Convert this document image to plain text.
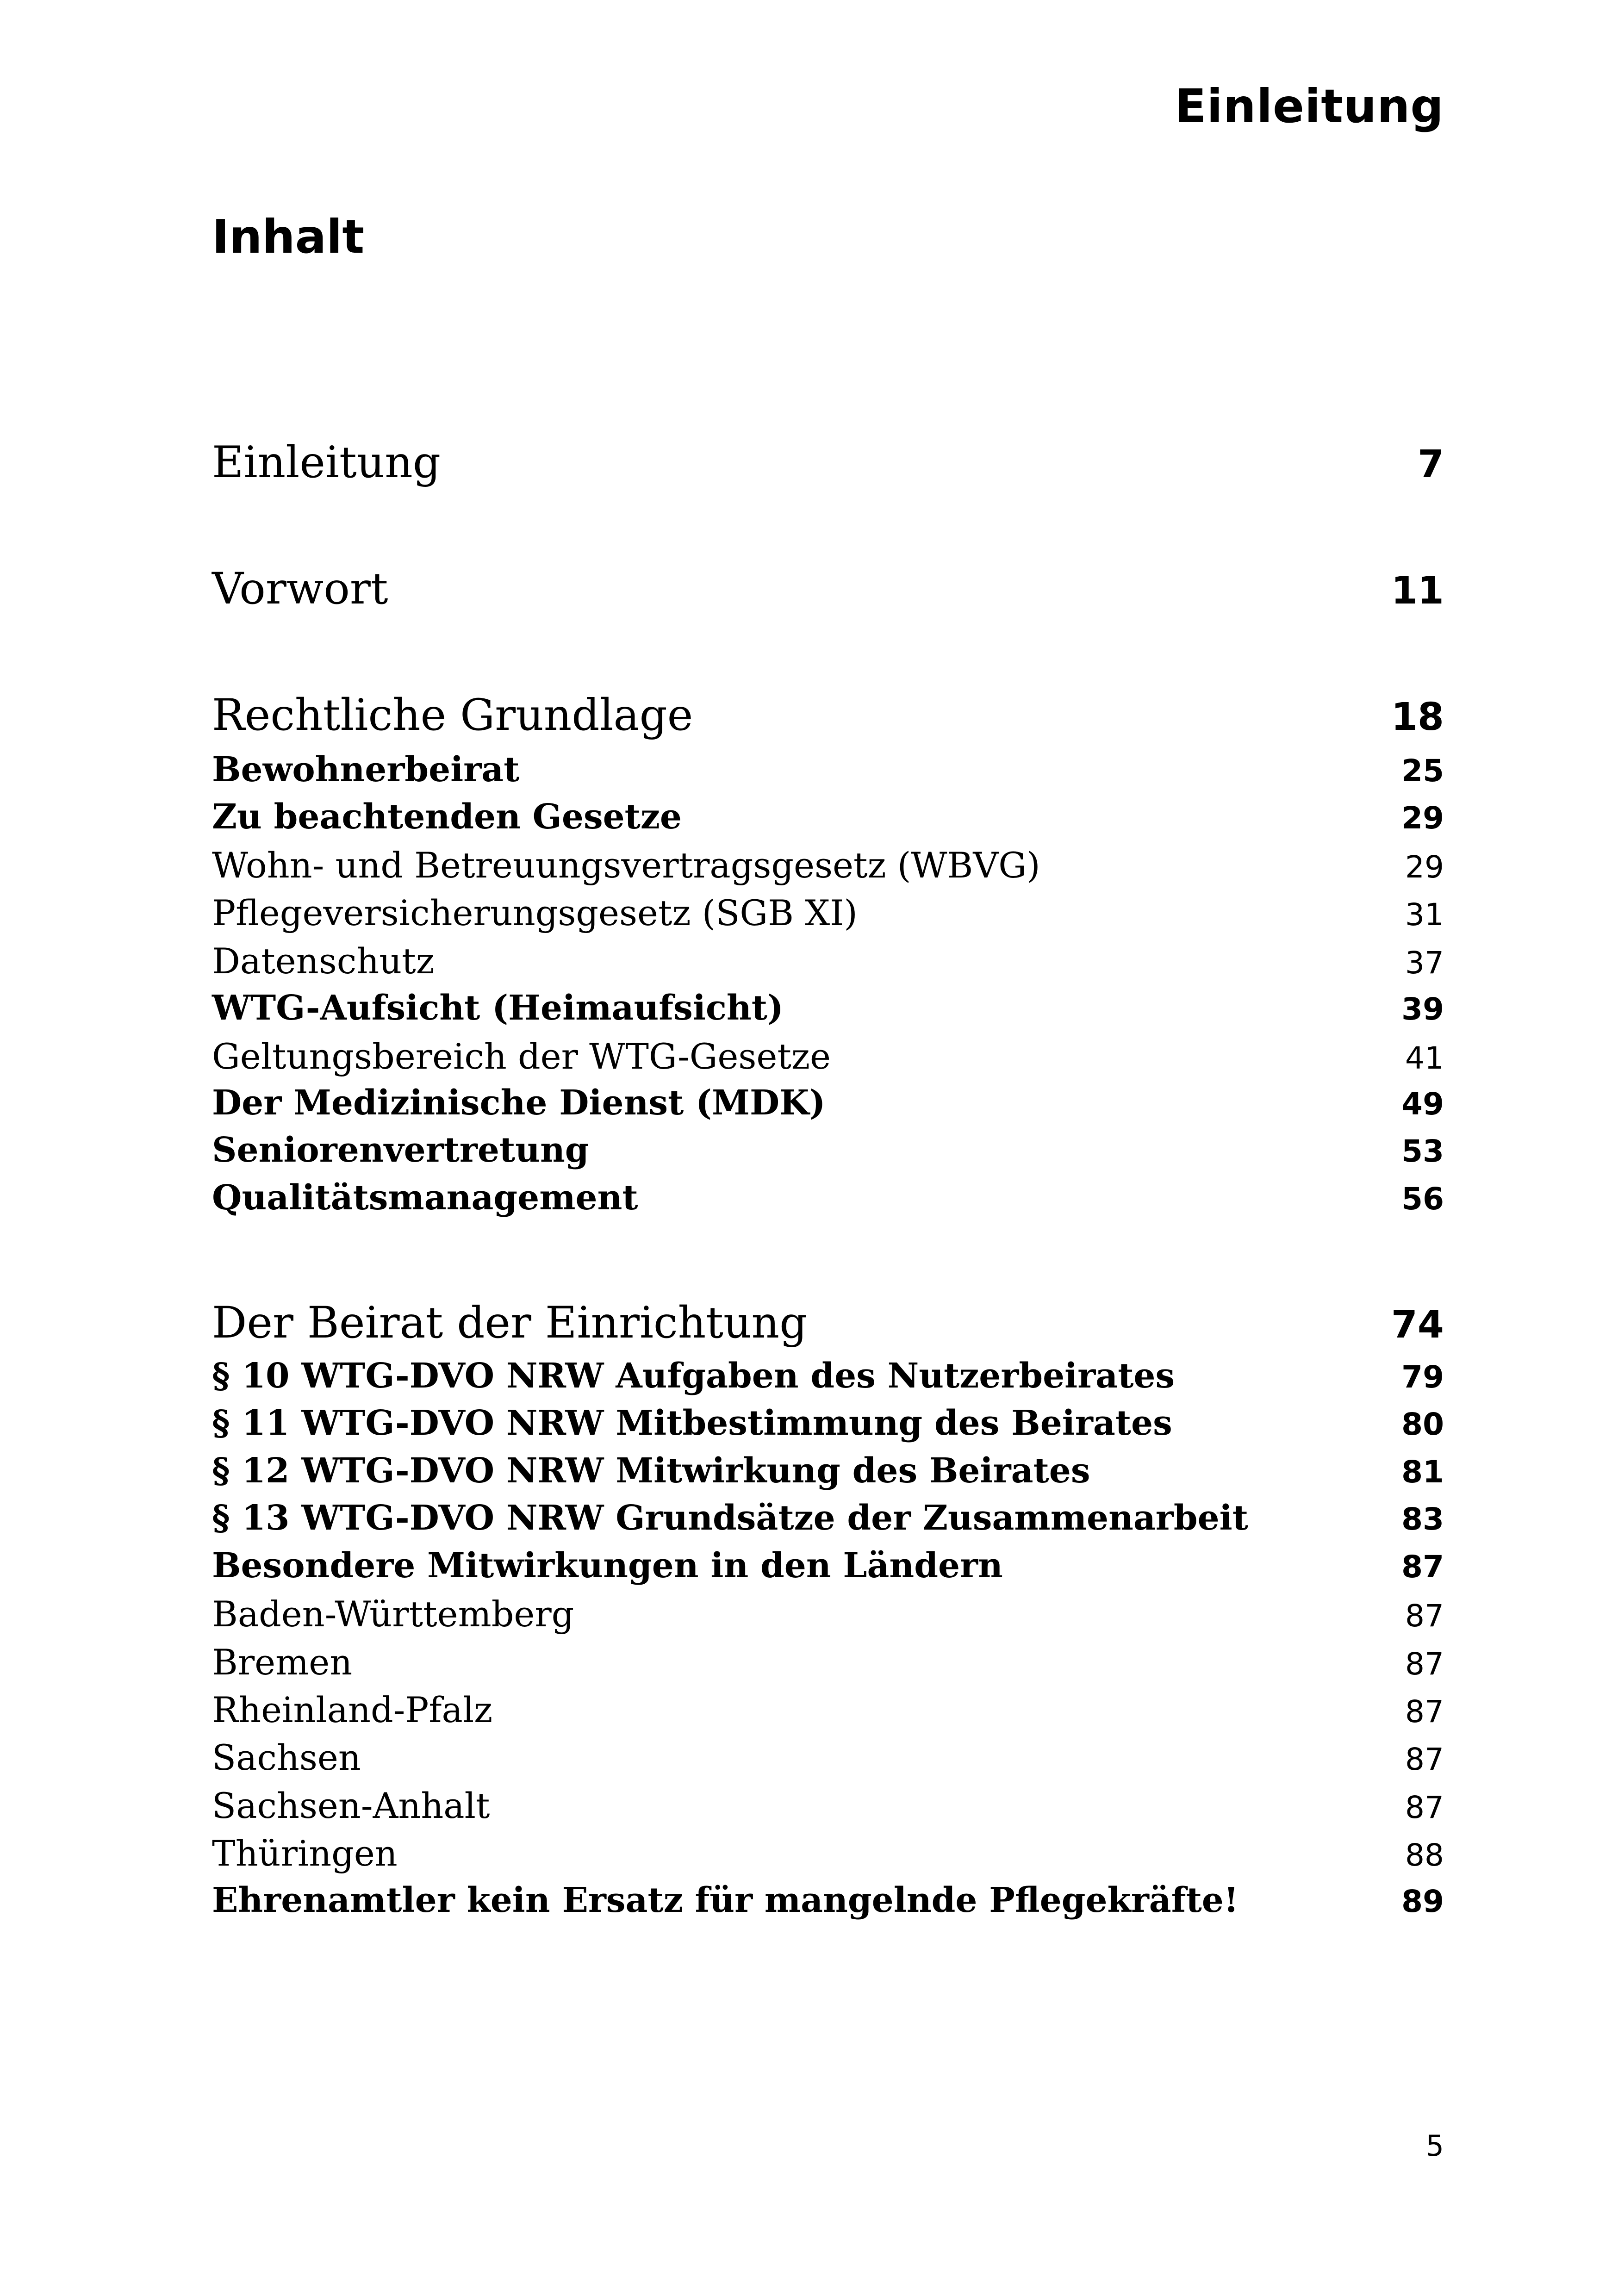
Einleitung
Inhalt
Einleitung	7
Vorwort	11
Rechtliche Grundlage	18
Bewohnerbeirat	25
Zu beachtenden Gesetze	29
Wohn- und Betreuungsvertragsgesetz (WBVG)	29
Pflegeversicherungsgesetz (SGB XI)	31
Datenschutz	37
WTG-Aufsicht (Heimaufsicht)	39
Geltungsbereich der WTG-Gesetze	41
Der Medizinische Dienst (MDK)	49
Seniorenvertretung	53
Qualitätsmanagement	56
Der Beirat der Einrichtung	74
§ 10 WTG-DVO NRW Aufgaben des Nutzerbeirates	79
§ 11 WTG-DVO NRW Mitbestimmung des Beirates	80
§ 12 WTG-DVO NRW Mitwirkung des Beirates	81
§ 13 WTG-DVO NRW Grundsätze der Zusammenarbeit	83
Besondere Mitwirkungen in den Ländern	87
Baden-Württemberg	87
Bremen	87
Rheinland-Pfalz	87
Sachsen	87
Sachsen-Anhalt	87
Thüringen	88
Ehrenamtler kein Ersatz für mangelnde Pflegekräfte!	89
5
